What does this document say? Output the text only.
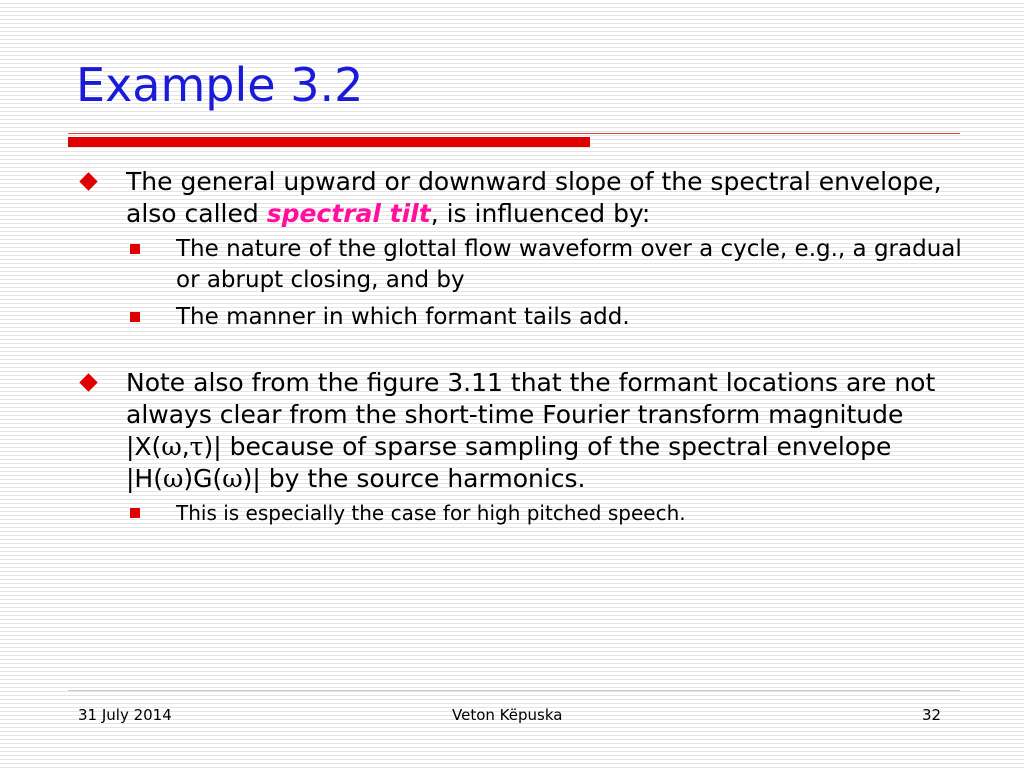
Example 3.2
The general upward or downward slope of the spectral envelope, also called spectral tilt, is influenced by:
The nature of the glottal flow waveform over a cycle, e.g., a gradual or abrupt closing, and by
The manner in which formant tails add.
Note also from the figure 3.11 that the formant locations are not always clear from the short-time Fourier transform magnitude |X(ω,τ)| because of sparse sampling of the spectral envelope |H(ω)G(ω)| by the source harmonics.
This is especially the case for high pitched speech.
31 July 2014	Veton Këpuska	32
